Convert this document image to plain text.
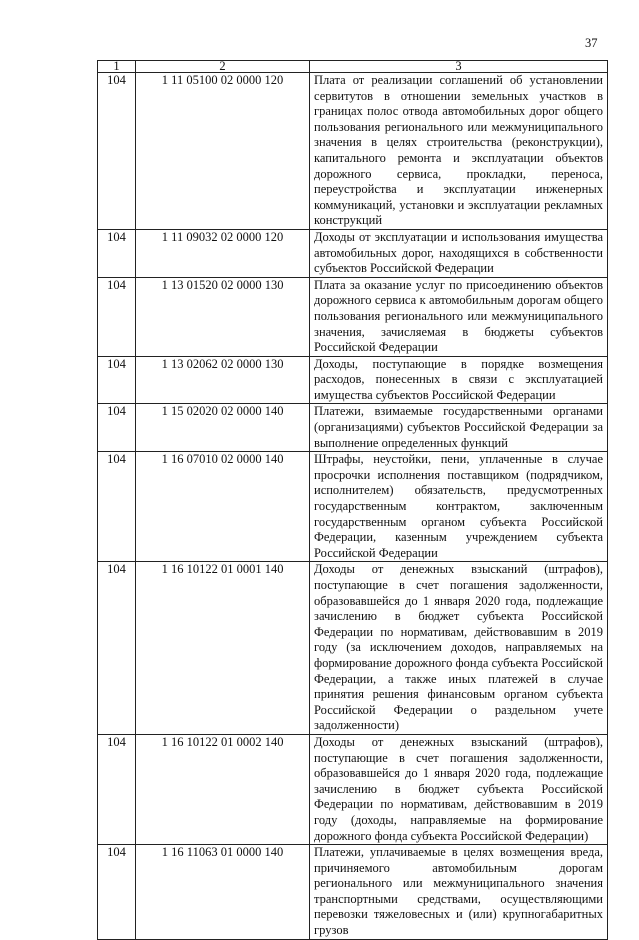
37
1	2	3
104	1 11 05100 02 0000 120	Плата от реализации соглашений об установлении сервитутов в отношении земельных участков в границах полос отвода автомобильных дорог общего пользования регионального или межмуниципального значения в целях строительства (реконструкции), капитального ремонта и эксплуатации объектов дорожного сервиса, прокладки, переноса, переустройства и эксплуатации инженерных коммуникаций, установки и эксплуатации рекламных конструкций
104	1 11 09032 02 0000 120	Доходы от эксплуатации и использования имущества автомобильных дорог, находящихся в собственности субъектов Российской Федерации
104	1 13 01520 02 0000 130	Плата за оказание услуг по присоединению объектов дорожного сервиса к автомобильным дорогам общего пользования регионального или межмуниципального значения, зачисляемая в бюджеты субъектов Российской Федерации
104	1 13 02062 02 0000 130	Доходы, поступающие в порядке возмещения расходов, понесенных в связи с эксплуатацией имущества субъектов Российской Федерации
104	1 15 02020 02 0000 140	Платежи, взимаемые государственными органами (организациями) субъектов Российской Федерации за выполнение определенных функций
104	1 16 07010 02 0000 140	Штрафы, неустойки, пени, уплаченные в случае просрочки исполнения поставщиком (подрядчиком, исполнителем) обязательств, предусмотренных государственным контрактом, заключенным государственным органом субъекта Российской Федерации, казенным учреждением субъекта Российской Федерации
104	1 16 10122 01 0001 140	Доходы от денежных взысканий (штрафов), поступающие в счет погашения задолженности, образовавшейся до 1 января 2020 года, подлежащие зачислению в бюджет субъекта Российской Федерации по нормативам, действовавшим в 2019 году (за исключением доходов, направляемых на формирование дорожного фонда субъекта Российской Федерации, а также иных платежей в случае принятия решения финансовым органом субъекта Российской Федерации о раздельном учете задолженности)
104	1 16 10122 01 0002 140	Доходы от денежных взысканий (штрафов), поступающие в счет погашения задолженности, образовавшейся до 1 января 2020 года, подлежащие зачислению в бюджет субъекта Российской Федерации по нормативам, действовавшим в 2019 году (доходы, направляемые на формирование дорожного фонда субъекта Российской Федерации)
104	1 16 11063 01 0000 140	Платежи, уплачиваемые в целях возмещения вреда, причиняемого автомобильным дорогам регионального или межмуниципального значения транспортными средствами, осуществляющими перевозки тяжеловесных и (или) крупногабаритных грузов
